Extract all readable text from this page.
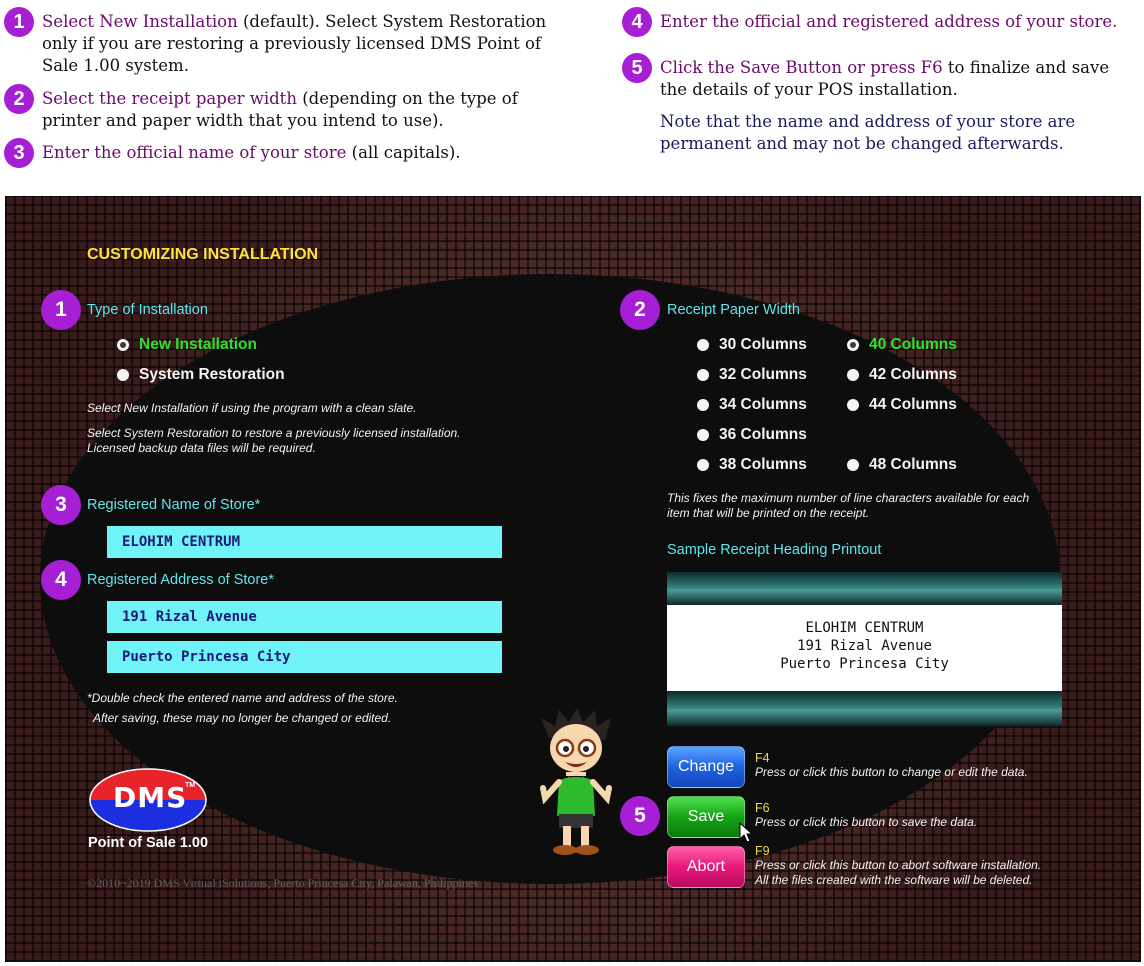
1	Select New Installation (default). Select System Restoration
only if you are restoring a previously licensed DMS Point of
Sale 1.00 system.
2	Select the receipt paper width (depending on the type of
printer and paper width that you intend to use).
3	Enter the official name of your store (all capitals).
4	Enter the official and registered address of your store.
5	Click the Save Button or press F6 to finalize and save
the details of your POS installation.
Note that the name and address of your store are
permanent and may not be changed afterwards.
CUSTOMIZING INSTALLATION
1	Type of Installation
New Installation
System Restoration
Select New Installation if using the program with a clean slate.
Select System Restoration to restore a previously licensed installation.
Licensed backup data files will be required.
3	Registered Name of Store*
ELOHIM CENTRUM
4	Registered Address of Store*
191 Rizal Avenue
Puerto Princesa City
*Double check the entered name and address of the store.
After saving, these may no longer be changed or edited.
DMS
TM
Point of Sale 1.00
©2010~2019 DMS Virtual iSolutions, Puerto Princesa City, Palawan, Philippines
2	Receipt Paper Width
30 Columns	40 Columns
32 Columns	42 Columns
34 Columns	44 Columns
36 Columns
38 Columns	48 Columns
This fixes the maximum number of line characters available for each
item that will be printed on the receipt.
Sample Receipt Heading Printout
ELOHIM CENTRUM
191 Rizal Avenue
Puerto Princesa City
Change	F4
Press or click this button to change or edit the data.
5	Save	F6
Press or click this button to save the data.
Abort
F9
Press or click this button to abort software installation.
All the files created with the software will be deleted.
